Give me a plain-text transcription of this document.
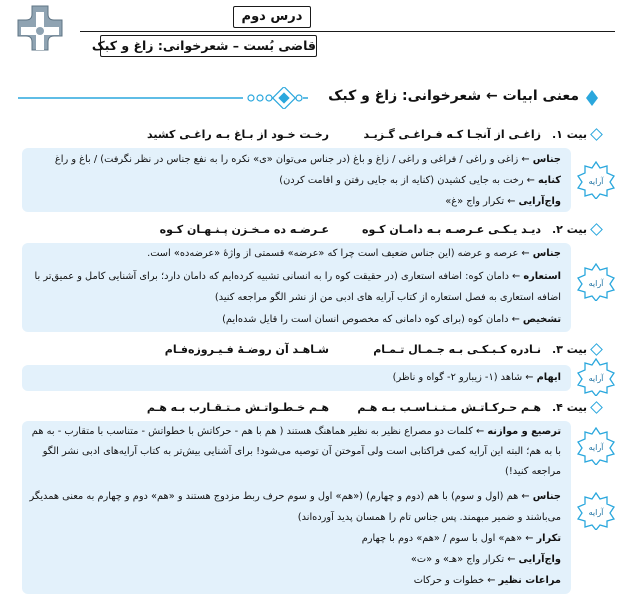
درس دوم
قاضی بُست – شعرخوانی: زاغ و کبک
معنی ابیات ← شعرخوانی: زاغ و کبک
بیت ۱.
زاغـی از آنجـا کـه فـراغـی گـزیـد
رخـت خـود از بـاغ بـه راغـی کشید
آرایه
جناس ← زاغی و راغی / فراغی و راغی / زاغ و باغ (در جناس می‌توان «ی» نکره را به نفع جناس در نظر نگرفت) / باغ و راغ
کنایه ← رخت به جایی کشیدن (کنایه از به جایی رفتن و اقامت کردن)
واج‌آرایی ← تکرار واج «غ»
بیت ۲.
دیـد یـکـی عـرصـه بـه دامـان کـوه
عـرضـه ده مـخـزن پـنـهـان کـوه
آرایه
جناس ← عرصه و عرضه (این جناس ضعیف است چرا که «عرضه» قسمتی از واژهٔ «عرضه‌ده» است.
استعاره ← دامان کوه: اضافه استعاری (در حقیقت کوه را به انسانی تشبیه کرده‌ایم که دامان دارد؛ برای آشنایی کامل و عمیق‌تر با
اضافه استعاری به فصل استعاره از کتاب آرایه های ادبی من از نشر الگو مراجعه کنید)
تشخیص ← دامان کوه (برای کوه دامانی که مخصوص انسان است را قایل شده‌ایم)
بیت ۳.
نـادره کـبـکـی بـه جـمـال تـمـام
شـاهـد آن روضـهٔ فـیـروزه‌فـام
آرایه
ایهام ← شاهد (۱- زیبارو ۲- گواه و ناظر)
بیت ۴.
هـم حـرکـاتـش مـتـنـاسـب بـه هـم
هـم خـطـواتـش مـتـقـارب بـه هـم
آرایه
آرایه
ترصیع و موازنه ← کلمات دو مصراع نظیر به نظیر هماهنگ هستند ( هم با هم - حرکاتش با خطواتش - متناسب با متقارب - به هم
با به هم؛ البته این آرایه کمی فراکتابی است ولی آموختن آن توصیه می‌شود! برای آشنایی بیش‌تر به کتاب آرایه‌های ادبی نشر الگو
مراجعه کنید!)
جناس ← هم (اول و سوم) با هم (دوم و چهارم) («هم» اول و سوم حرف ربط مزدوج هستند و «هم» دوم و چهارم به معنی همدیگر
می‌باشند و ضمیر مبهمند. پس جناس تام را همسان پدید آورده‌اند)
تکرار ← «هم» اول با سوم / «هم» دوم با چهارم
واج‌آرایی ← تکرار واج «هـ» و «ت»
مراعات نظیر ← خطوات و حرکات
